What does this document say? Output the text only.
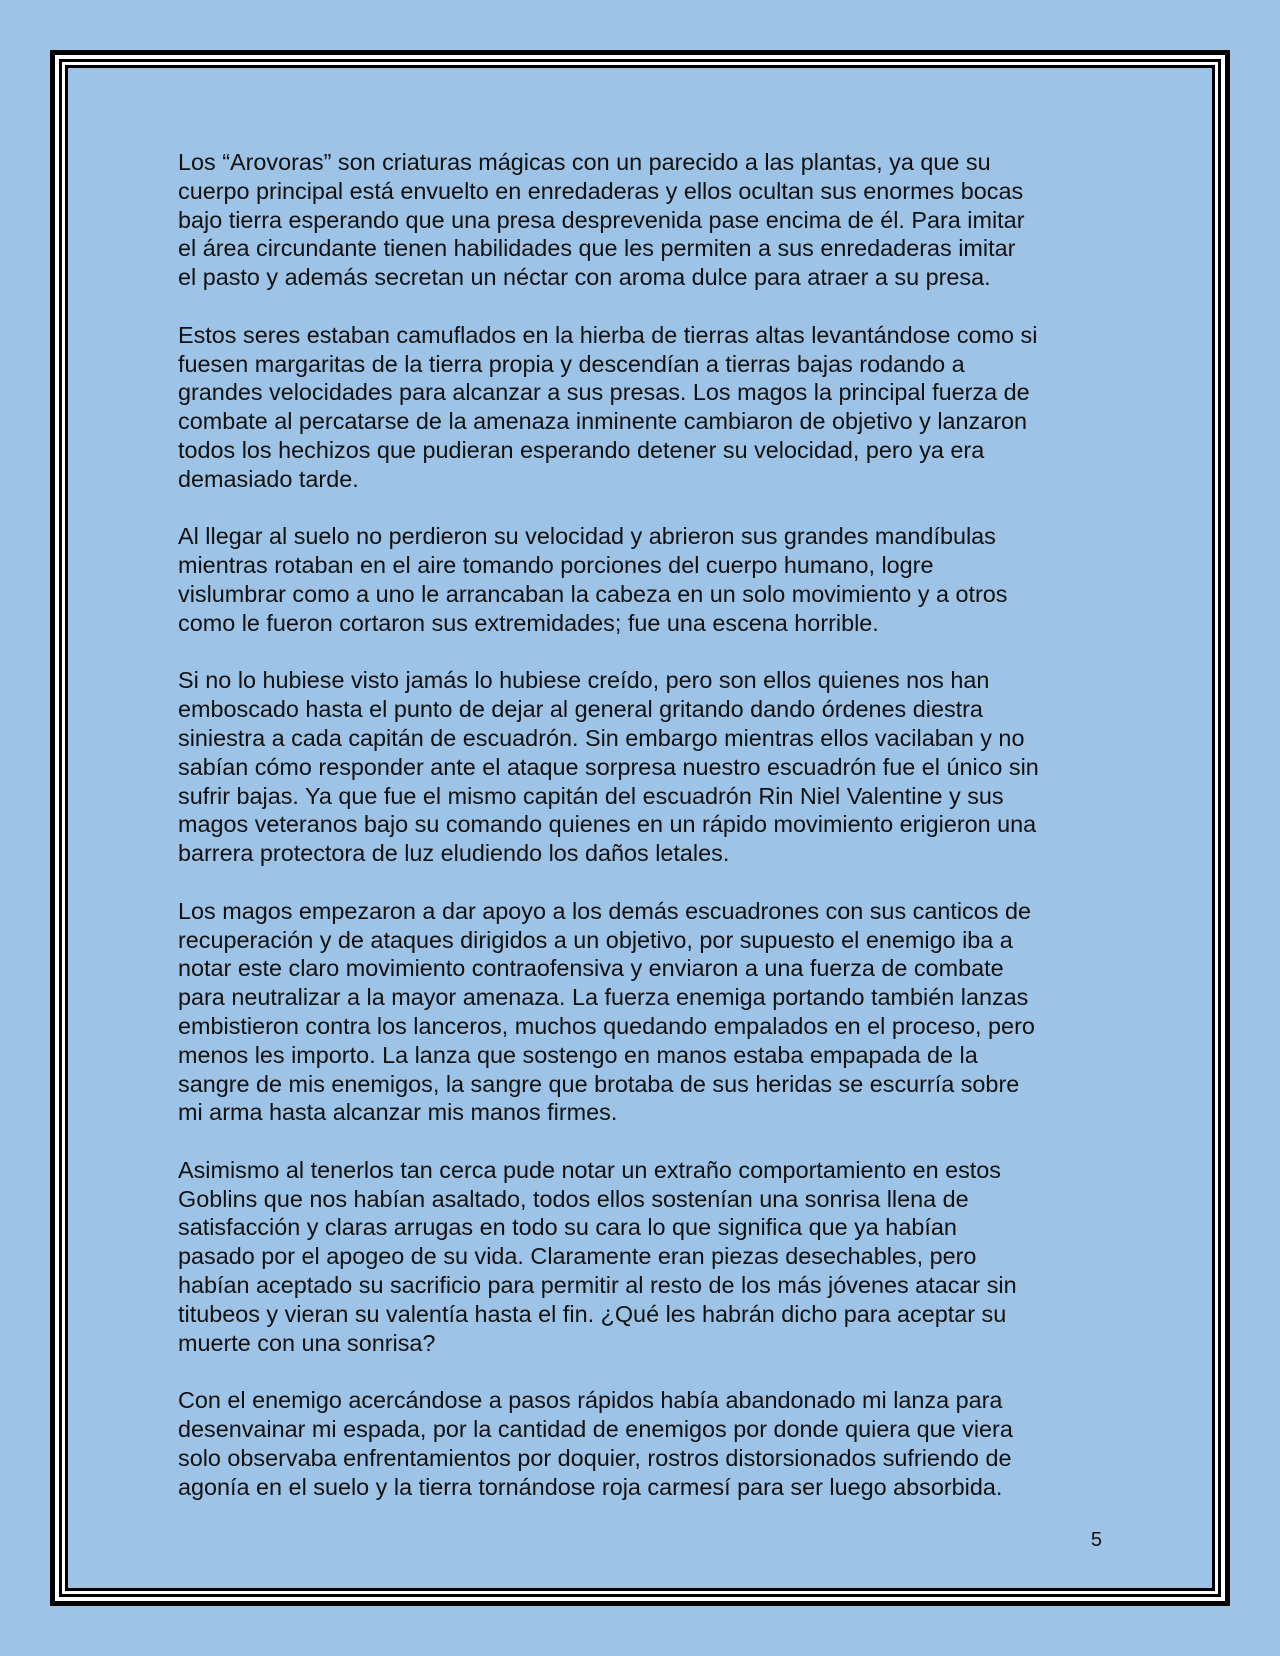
Los “Arovoras” son criaturas mágicas con un parecido a las plantas, ya que su
cuerpo principal está envuelto en enredaderas y ellos ocultan sus enormes bocas
bajo tierra esperando que una presa desprevenida pase encima de él. Para imitar
el área circundante tienen habilidades que les permiten a sus enredaderas imitar
el pasto y además secretan un néctar con aroma dulce para atraer a su presa.

Estos seres estaban camuflados en la hierba de tierras altas levantándose como si
fuesen margaritas de la tierra propia y descendían a tierras bajas rodando a
grandes velocidades para alcanzar a sus presas. Los magos la principal fuerza de
combate al percatarse de la amenaza inminente cambiaron de objetivo y lanzaron
todos los hechizos que pudieran esperando detener su velocidad, pero ya era
demasiado tarde.

Al llegar al suelo no perdieron su velocidad y abrieron sus grandes mandíbulas
mientras rotaban en el aire tomando porciones del cuerpo humano, logre
vislumbrar como a uno le arrancaban la cabeza en un solo movimiento y a otros
como le fueron cortaron sus extremidades; fue una escena horrible.

Si no lo hubiese visto jamás lo hubiese creído, pero son ellos quienes nos han
emboscado hasta el punto de dejar al general gritando dando órdenes diestra
siniestra a cada capitán de escuadrón. Sin embargo mientras ellos vacilaban y no
sabían cómo responder ante el ataque sorpresa nuestro escuadrón fue el único sin
sufrir bajas. Ya que fue el mismo capitán del escuadrón Rin Niel Valentine y sus
magos veteranos bajo su comando quienes en un rápido movimiento erigieron una
barrera protectora de luz eludiendo los daños letales.

Los magos empezaron a dar apoyo a los demás escuadrones con sus canticos de
recuperación y de ataques dirigidos a un objetivo, por supuesto el enemigo iba a
notar este claro movimiento contraofensiva y enviaron a una fuerza de combate
para neutralizar a la mayor amenaza. La fuerza enemiga portando también lanzas
embistieron contra los lanceros, muchos quedando empalados en el proceso, pero
menos les importo. La lanza que sostengo en manos estaba empapada de la
sangre de mis enemigos, la sangre que brotaba de sus heridas se escurría sobre
mi arma hasta alcanzar mis manos firmes.

Asimismo al tenerlos tan cerca pude notar un extraño comportamiento en estos
Goblins que nos habían asaltado, todos ellos sostenían una sonrisa llena de
satisfacción y claras arrugas en todo su cara lo que significa que ya habían
pasado por el apogeo de su vida. Claramente eran piezas desechables, pero
habían aceptado su sacrificio para permitir al resto de los más jóvenes atacar sin
titubeos y vieran su valentía hasta el fin. ¿Qué les habrán dicho para aceptar su
muerte con una sonrisa?

Con el enemigo acercándose a pasos rápidos había abandonado mi lanza para
desenvainar mi espada, por la cantidad de enemigos por donde quiera que viera
solo observaba enfrentamientos por doquier, rostros distorsionados sufriendo de
agonía en el suelo y la tierra tornándose roja carmesí para ser luego absorbida.

5
